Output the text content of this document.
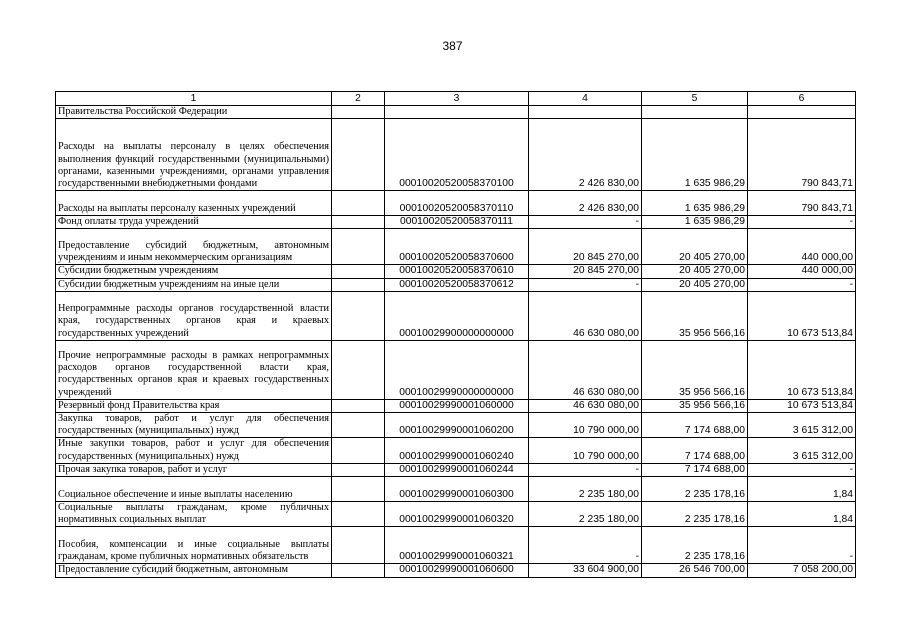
387
1	2	3	4	5	6
Правительства Российской Федерации					
Расходы на выплаты персоналу в целях обеспечения выполнения функций государственными (муниципальными) органами, казенными учреждениями, органами управления государственными внебюджетными фондами		00010020520058370100	2 426 830,00	1 635 986,29	790 843,71
Расходы на выплаты персоналу казенных учреждений		00010020520058370110	2 426 830,00	1 635 986,29	790 843,71
Фонд оплаты труда учреждений		00010020520058370111	-	1 635 986,29	-
Предоставление субсидий бюджетным, автономным учреждениям и иным некоммерческим организациям		00010020520058370600	20 845 270,00	20 405 270,00	440 000,00
Субсидии бюджетным учреждениям		00010020520058370610	20 845 270,00	20 405 270,00	440 000,00
Субсидии бюджетным учреждениям на иные цели		00010020520058370612	-	20 405 270,00	-
Непрограммные расходы органов государственной власти края, государственных органов края и краевых государственных учреждений		00010029900000000000	46 630 080,00	35 956 566,16	10 673 513,84
Прочие непрограммные расходы в рамках непрограммных расходов органов государственной власти края, государственных органов края и краевых государственных учреждений		00010029990000000000	46 630 080,00	35 956 566,16	10 673 513,84
Резервный фонд Правительства края		00010029990001060000	46 630 080,00	35 956 566,16	10 673 513,84
Закупка товаров, работ и услуг для обеспечения государственных (муниципальных) нужд		00010029990001060200	10 790 000,00	7 174 688,00	3 615 312,00
Иные закупки товаров, работ и услуг для обеспечения государственных (муниципальных) нужд		00010029990001060240	10 790 000,00	7 174 688,00	3 615 312,00
Прочая закупка товаров, работ и услуг		00010029990001060244	-	7 174 688,00	-
Социальное обеспечение и иные выплаты населению		00010029990001060300	2 235 180,00	2 235 178,16	1,84
Социальные выплаты гражданам, кроме публичных нормативных социальных выплат		00010029990001060320	2 235 180,00	2 235 178,16	1,84
Пособия, компенсации и иные социальные выплаты гражданам, кроме публичных нормативных обязательств		00010029990001060321	-	2 235 178,16	-
Предоставление субсидий бюджетным, автономным		00010029990001060600	33 604 900,00	26 546 700,00	7 058 200,00
